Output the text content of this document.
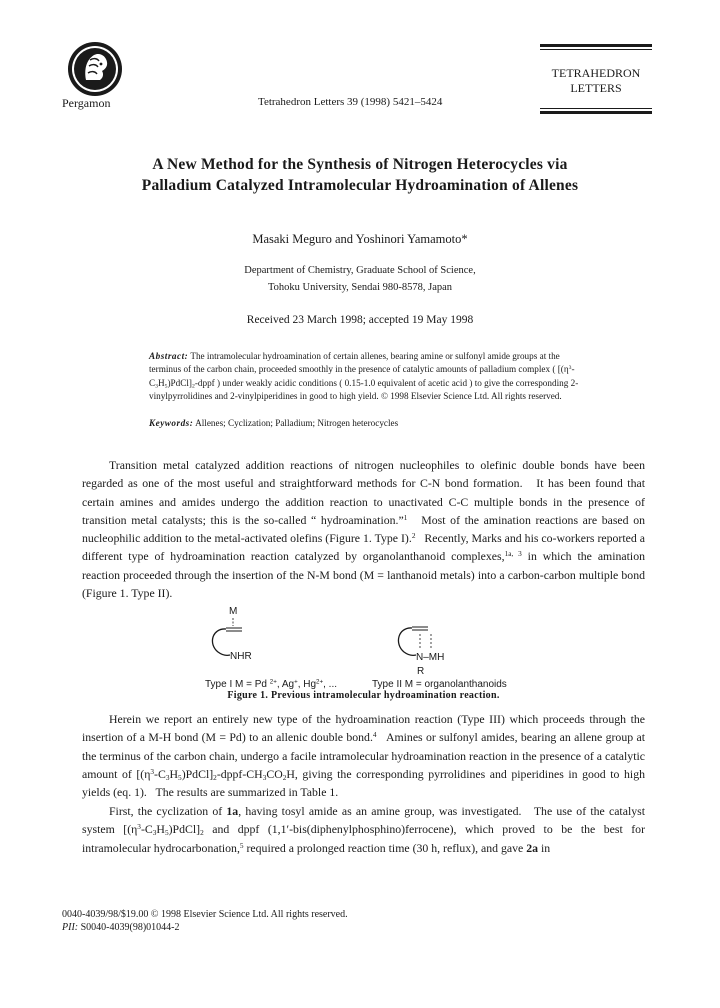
Pergamon	Tetrahedron Letters 39 (1998) 5421–5424
TETRAHEDRON
LETTERS
A New Method for the Synthesis of Nitrogen Heterocycles via
Palladium Catalyzed Intramolecular Hydroamination of Allenes
Masaki Meguro and Yoshinori Yamamoto*
Department of Chemistry, Graduate School of Science,
Tohoku University, Sendai 980-8578, Japan
Received 23 March 1998; accepted 19 May 1998
Abstract: The intramolecular hydroamination of certain allenes, bearing amine or sulfonyl amide groups at the terminus of the carbon chain, proceeded smoothly in the presence of catalytic amounts of palladium complex ( $[(\eta^3-C_3H_5)PdCl]_2$-dppf ) under weakly acidic conditions ( 0.15-1.0 equivalent of acetic acid ) to give the corresponding 2-vinylpyrrolidines and 2-vinylpiperidines in good to high yield. © 1998 Elsevier Science Ltd. All rights reserved.
Keywords: Allenes; Cyclization; Palladium; Nitrogen heterocycles
Transition metal catalyzed addition reactions of nitrogen nucleophiles to olefinic double bonds have been regarded as one of the most useful and straightforward methods for C-N bond formation.   It has been found that certain amines and amides undergo the addition reaction to unactivated C-C multiple bonds in the presence of transition metal catalysts; this is the so-called “ hydroamination.”$^1$   Most of the amination reactions are based on nucleophilic addition to the metal-activated olefins (Figure 1. Type I).$^2$   Recently, Marks and his co-workers reported a different type of hydroamination reaction catalyzed by organolanthanoid complexes,$^{1a, 3}$ in which the amination reaction proceeded through the insertion of the N-M bond (M = lanthanoid metals) into a carbon-carbon multiple bond (Figure 1. Type II).
M
NHR	N–MH
R
Type I M = Pd $^{2+}$, Ag+, $Hg^{2+}$, ...	Type II M = organolanthanoids
Figure 1. Previous intramolecular hydroamination reaction.
Herein we report an entirely new type of the hydroamination reaction (Type III) which proceeds through the insertion of a M-H bond (M = Pd) to an allenic double bond.$^4$   Amines or sulfonyl amides, bearing an allene group at the terminus of the carbon chain, undergo a facile intramolecular hydroamination reaction in the presence of a catalytic amount of $[(\eta^3-C_3H_5)PdCl]_2-dppf-CH_3CO_2H$, giving the corresponding pyrrolidines and piperidines in good to high yields (eq. 1).   The results are summarized in Table 1.
First, the cyclization of 1a, having tosyl amide as an amine group, was investigated.   The use of the catalyst system $[(\eta^3-C_3H_5)PdCl]_2$ and dppf (1,1′-bis(diphenylphosphino)ferrocene), which proved to be the best for intramolecular hydrocarbonation,$^5$ required a prolonged reaction time (30 h, reflux), and gave 2a in
0040-4039/98/$19.00 © 1998 Elsevier Science Ltd. All rights reserved.
PII: S0040-4039(98)01044-2
